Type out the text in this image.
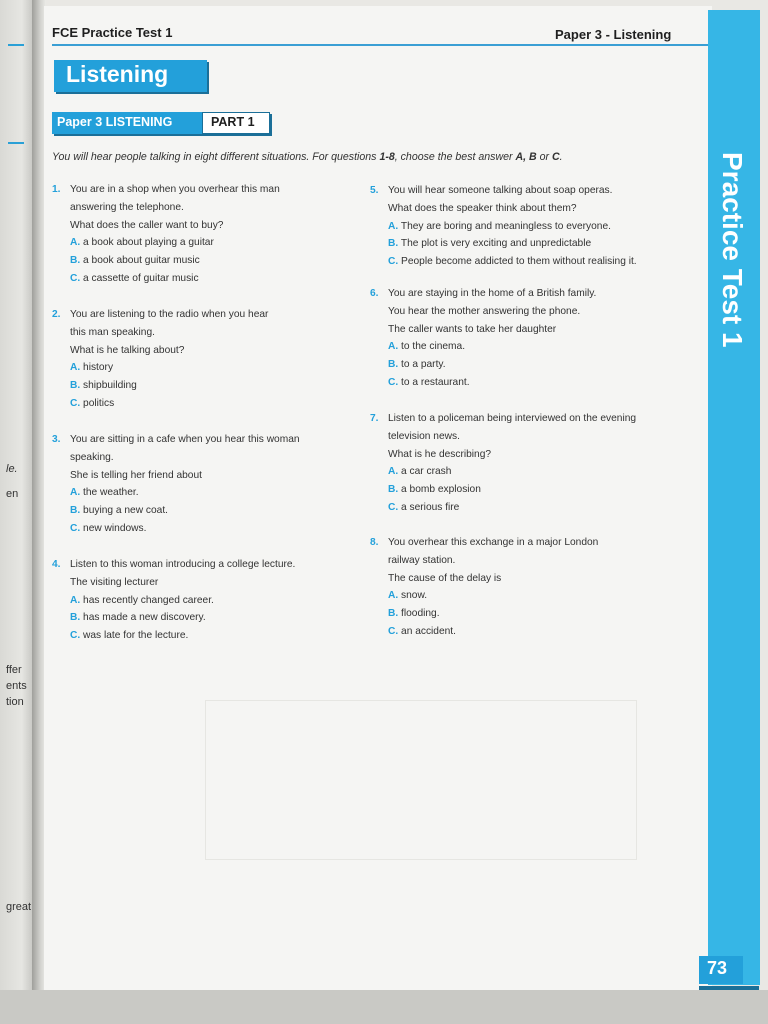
le.
en
ffer
ents
tion
great
FCE Practice Test 1	Paper 3 - Listening
Listening
Paper 3 LISTENING	PART 1
You will hear people talking in eight different situations. For questions 1-8, choose the best answer A, B or C.
1. You are in a shop when you overhear this man
answering the telephone.
What does the caller want to buy?
A. a book about playing a guitar
B. a book about guitar music
C. a cassette of guitar music
2. You are listening to the radio when you hear
this man speaking.
What is he talking about?
A. history
B. shipbuilding
C. politics
3. You are sitting in a cafe when you hear this woman
speaking.
She is telling her friend about
A. the weather.
B. buying a new coat.
C. new windows.
4. Listen to this woman introducing a college lecture.
The visiting lecturer
A. has recently changed career.
B. has made a new discovery.
C. was late for the lecture.
5. You will hear someone talking about soap operas.
What does the speaker think about them?
A. They are boring and meaningless to everyone.
B. The plot is very exciting and unpredictable
C. People become addicted to them without realising it.
6. You are staying in the home of a British family.
You hear the mother answering the phone.
The caller wants to take her daughter
A. to the cinema.
B. to a party.
C. to a restaurant.
7. Listen to a policeman being interviewed on the evening
television news.
What is he describing?
A. a car crash
B. a bomb explosion
C. a serious fire
8. You overhear this exchange in a major London
railway station.
The cause of the delay is
A. snow.
B. flooding.
C. an accident.
Practice Test 1
73
